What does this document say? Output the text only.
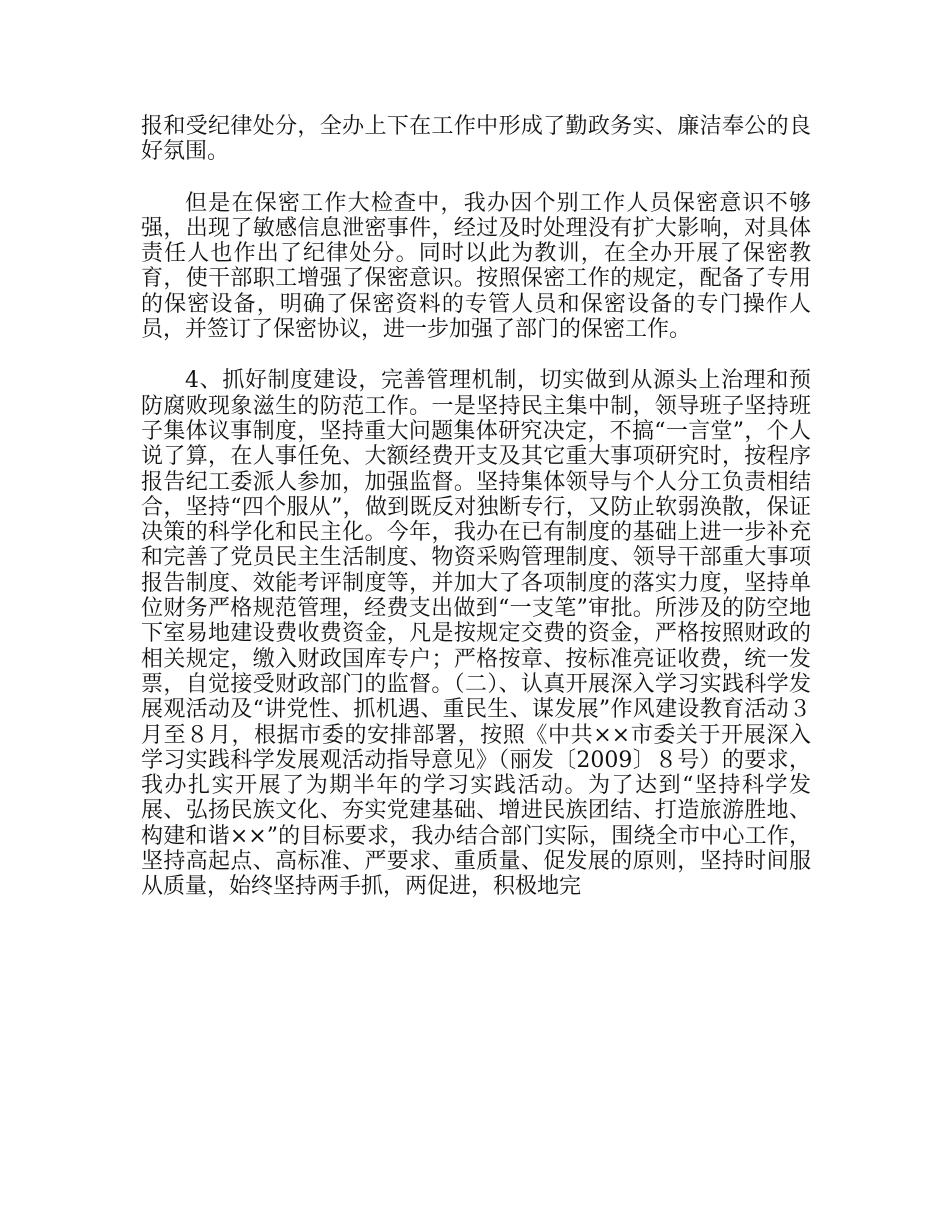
报和受纪律处分，全办上下在工作中形成了勤政务实、廉洁奉公的良好氛围。

但是在保密工作大检查中，我办因个别工作人员保密意识不够强，出现了敏感信息泄密事件，经过及时处理没有扩大影响，对具体责任人也作出了纪律处分。同时以此为教训，在全办开展了保密教育，使干部职工增强了保密意识。按照保密工作的规定，配备了专用的保密设备，明确了保密资料的专管人员和保密设备的专门操作人员，并签订了保密协议，进一步加强了部门的保密工作。

4、抓好制度建设，完善管理机制，切实做到从源头上治理和预防腐败现象滋生的防范工作。一是坚持民主集中制，领导班子坚持班子集体议事制度，坚持重大问题集体研究决定，不搞“一言堂”，个人说了算，在人事任免、大额经费开支及其它重大事项研究时，按程序报告纪工委派人参加，加强监督。坚持集体领导与个人分工负责相结合，坚持“四个服从”，做到既反对独断专行，又防止软弱涣散，保证决策的科学化和民主化。今年，我办在已有制度的基础上进一步补充和完善了党员民主生活制度、物资采购管理制度、领导干部重大事项报告制度、效能考评制度等，并加大了各项制度的落实力度，坚持单位财务严格规范管理，经费支出做到“一支笔”审批。所涉及的防空地下室易地建设费收费资金，凡是按规定交费的资金，严格按照财政的相关规定，缴入财政国库专户；严格按章、按标准亮证收费，统一发票，自觉接受财政部门的监督。（二）、认真开展深入学习实践科学发展观活动及“讲党性、抓机遇、重民生、谋发展”作风建设教育活动３月至８月，根据市委的安排部署，按照《中共××市委关于开展深入学习实践科学发展观活动指导意见》（丽发〔2009〕８号）的要求，我办扎实开展了为期半年的学习实践活动。为了达到“坚持科学发展、弘扬民族文化、夯实党建基础、增进民族团结、打造旅游胜地、构建和谐××”的目标要求，我办结合部门实际，围绕全市中心工作，坚持高起点、高标准、严要求、重质量、促发展的原则，坚持时间服从质量，始终坚持两手抓，两促进，积极地完
